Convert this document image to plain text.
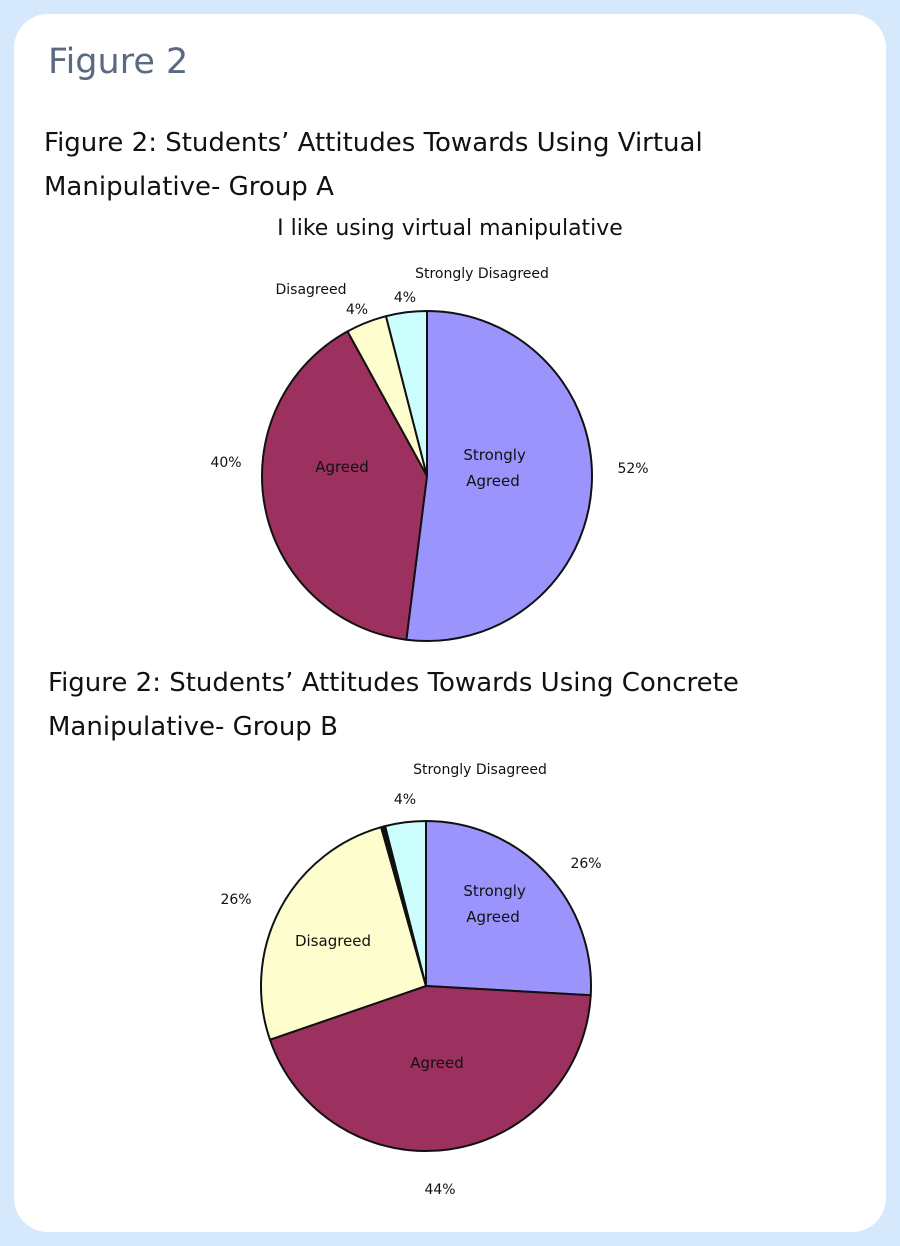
Figure 2
Figure 2: Students’ Attitudes Towards Using Virtual Manipulative- Group A
Figure 2: Students’ Attitudes Towards Using Concrete Manipulative- Group B
I like using virtual manipulative
Strongly Agreed
52%
Agreed
40%
Disagreed
4%
Strongly Disagreed
4%
Strongly Agreed
26%
Agreed
44%
Disagreed
26%
Strongly Disagreed
4%
